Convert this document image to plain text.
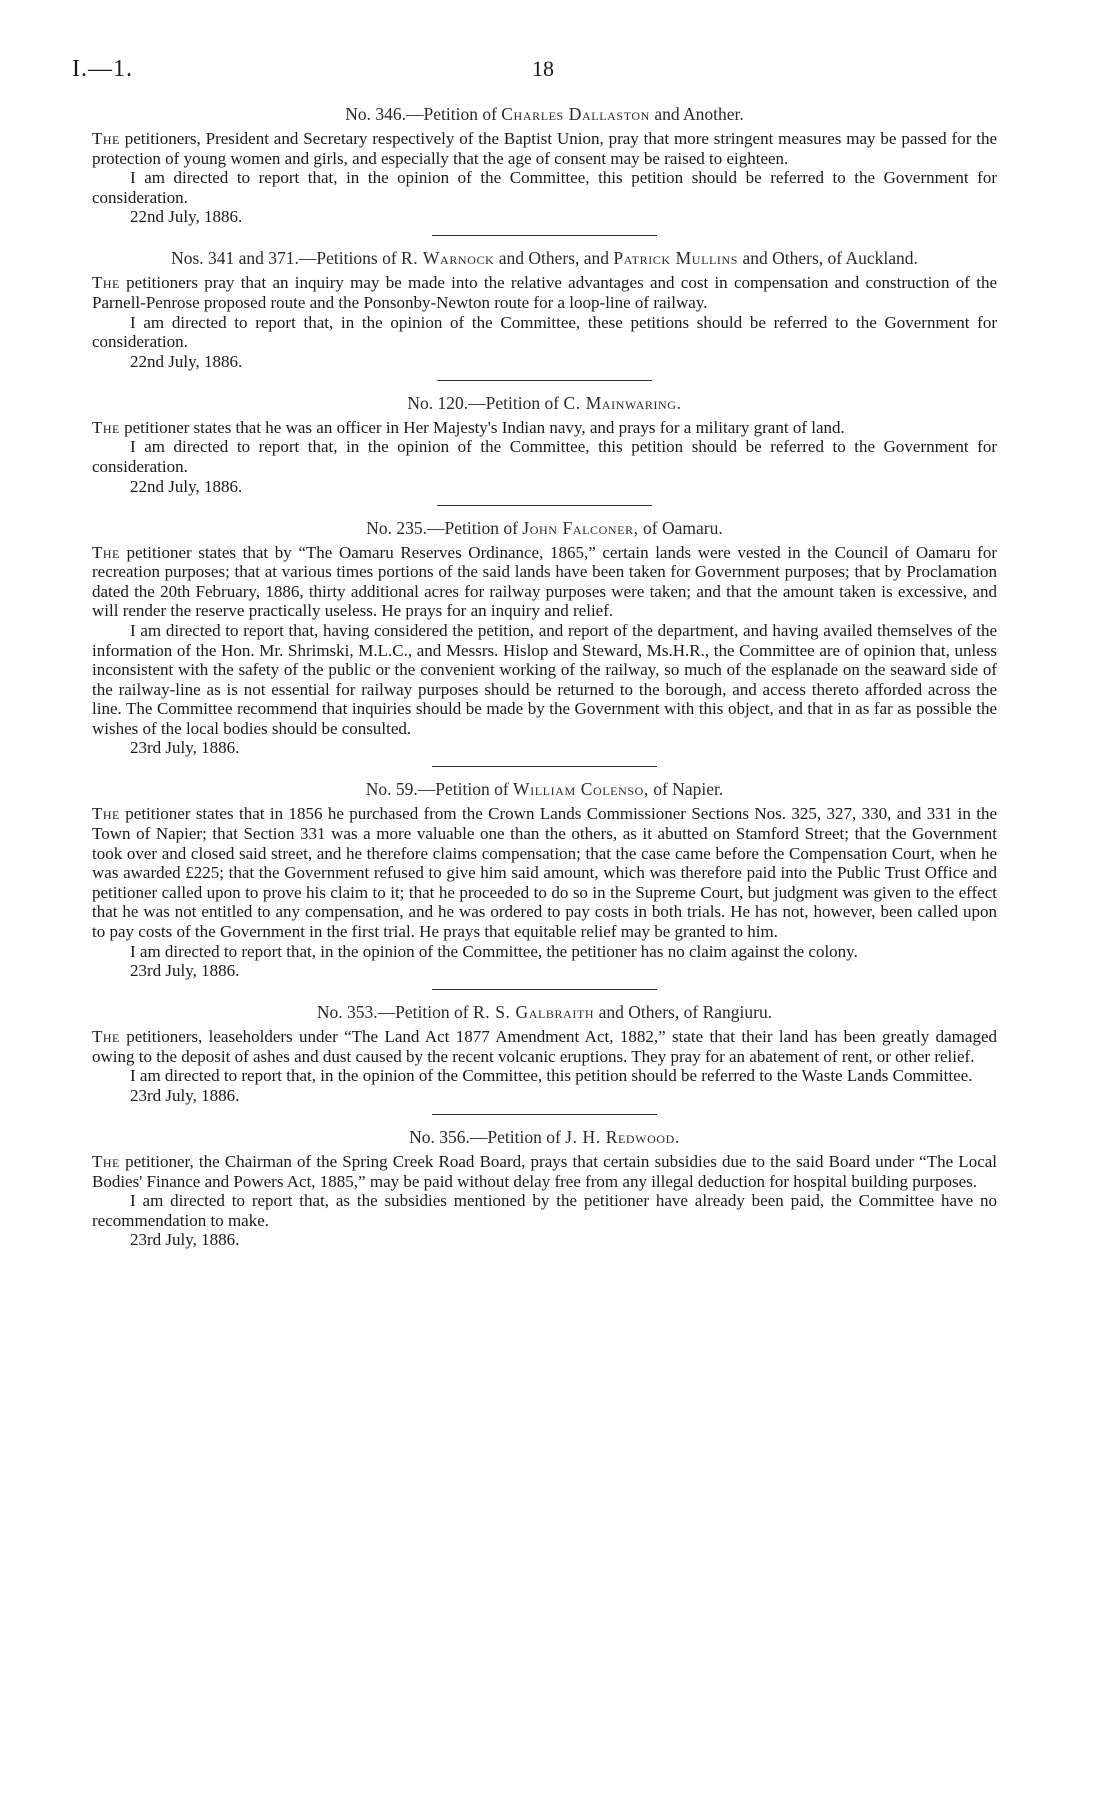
I.—1.	18

No. 346.—Petition of Charles Dallaston and Another.

The petitioners, President and Secretary respectively of the Baptist Union, pray that more stringent measures may be passed for the protection of young women and girls, and especially that the age of consent may be raised to eighteen.

I am directed to report that, in the opinion of the Committee, this petition should be referred to the Government for consideration.

22nd July, 1886.

Nos. 341 and 371.—Petitions of R. Warnock and Others, and Patrick Mullins and Others, of Auckland.

The petitioners pray that an inquiry may be made into the relative advantages and cost in compensation and construction of the Parnell-Penrose proposed route and the Ponsonby-Newton route for a loop-line of railway.

I am directed to report that, in the opinion of the Committee, these petitions should be referred to the Government for consideration.

22nd July, 1886.

No. 120.—Petition of C. Mainwaring.

The petitioner states that he was an officer in Her Majesty's Indian navy, and prays for a military grant of land.

I am directed to report that, in the opinion of the Committee, this petition should be referred to the Government for consideration.

22nd July, 1886.

No. 235.—Petition of John Falconer, of Oamaru.

The petitioner states that by “The Oamaru Reserves Ordinance, 1865,” certain lands were vested in the Council of Oamaru for recreation purposes; that at various times portions of the said lands have been taken for Government purposes; that by Proclamation dated the 20th February, 1886, thirty additional acres for railway purposes were taken; and that the amount taken is excessive, and will render the reserve practically useless. He prays for an inquiry and relief.

I am directed to report that, having considered the petition, and report of the department, and having availed themselves of the information of the Hon. Mr. Shrimski, M.L.C., and Messrs. Hislop and Steward, Ms.H.R., the Committee are of opinion that, unless inconsistent with the safety of the public or the convenient working of the railway, so much of the esplanade on the seaward side of the railway-line as is not essential for railway purposes should be returned to the borough, and access thereto afforded across the line. The Committee recommend that inquiries should be made by the Government with this object, and that in as far as possible the wishes of the local bodies should be consulted.

23rd July, 1886.

No. 59.—Petition of William Colenso, of Napier.

The petitioner states that in 1856 he purchased from the Crown Lands Commissioner Sections Nos. 325, 327, 330, and 331 in the Town of Napier; that Section 331 was a more valuable one than the others, as it abutted on Stamford Street; that the Government took over and closed said street, and he therefore claims compensation; that the case came before the Compensation Court, when he was awarded £225; that the Government refused to give him said amount, which was therefore paid into the Public Trust Office and petitioner called upon to prove his claim to it; that he proceeded to do so in the Supreme Court, but judgment was given to the effect that he was not entitled to any compensation, and he was ordered to pay costs in both trials. He has not, however, been called upon to pay costs of the Government in the first trial. He prays that equitable relief may be granted to him.

I am directed to report that, in the opinion of the Committee, the petitioner has no claim against the colony.

23rd July, 1886.

No. 353.—Petition of R. S. Galbraith and Others, of Rangiuru.

The petitioners, leaseholders under “The Land Act 1877 Amendment Act, 1882,” state that their land has been greatly damaged owing to the deposit of ashes and dust caused by the recent volcanic eruptions. They pray for an abatement of rent, or other relief.

I am directed to report that, in the opinion of the Committee, this petition should be referred to the Waste Lands Committee.

23rd July, 1886.

No. 356.—Petition of J. H. Redwood.

The petitioner, the Chairman of the Spring Creek Road Board, prays that certain subsidies due to the said Board under “The Local Bodies' Finance and Powers Act, 1885,” may be paid without delay free from any illegal deduction for hospital building purposes.

I am directed to report that, as the subsidies mentioned by the petitioner have already been paid, the Committee have no recommendation to make.

23rd July, 1886.
